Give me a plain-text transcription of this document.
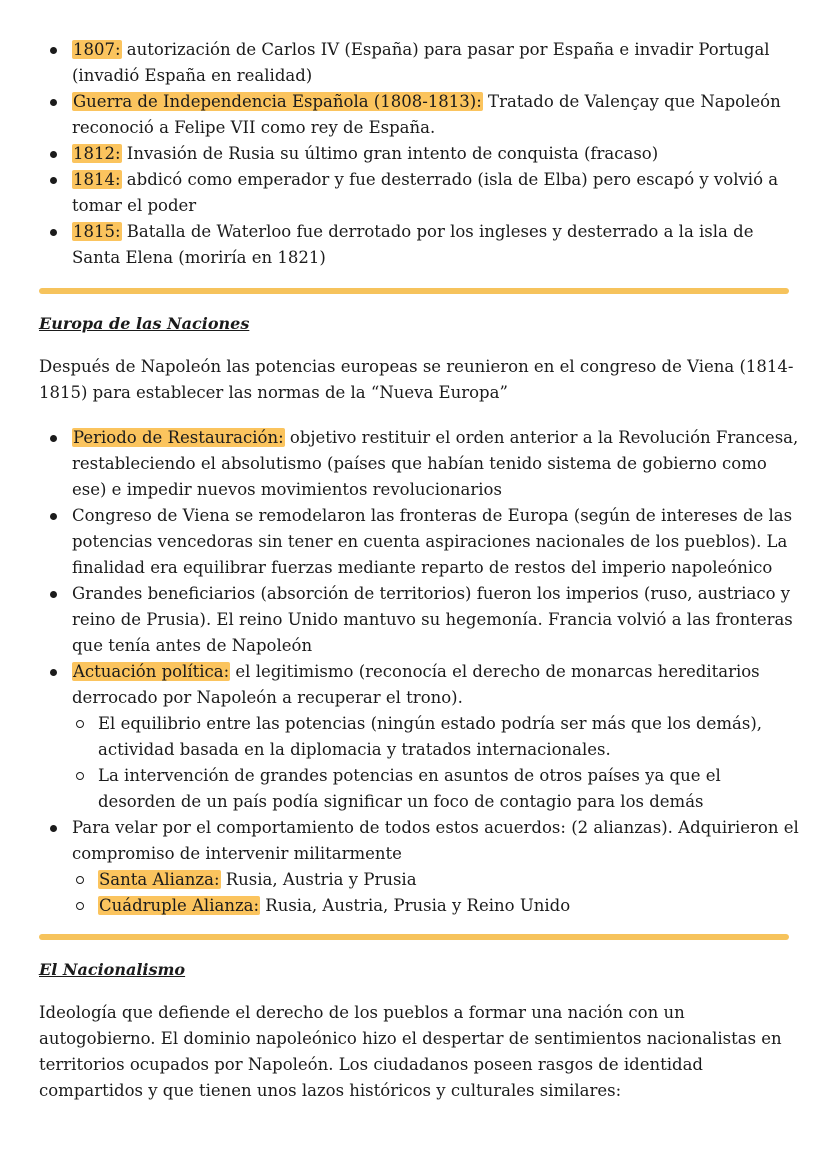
1807: autorización de Carlos IV (España) para pasar por España e invadir Portugal (invadió España en realidad)
Guerra de Independencia Española (1808-1813): Tratado de Valençay que Napoleón reconoció a Felipe VII como rey de España.
1812: Invasión de Rusia su último gran intento de conquista (fracaso)
1814: abdicó como emperador y fue desterrado (isla de Elba) pero escapó y volvió a tomar el poder
1815: Batalla de Waterloo fue derrotado por los ingleses y desterrado a la isla de Santa Elena (moriría en 1821)
Europa de las Naciones
Después de Napoleón las potencias europeas se reunieron en el congreso de Viena (1814-1815) para establecer las normas de la “Nueva Europa”
Periodo de Restauración: objetivo restituir el orden anterior a la Revolución Francesa, restableciendo el absolutismo (países que habían tenido sistema de gobierno como ese) e impedir nuevos movimientos revolucionarios
Congreso de Viena se remodelaron las fronteras de Europa (según de intereses de las potencias vencedoras sin tener en cuenta aspiraciones nacionales de los pueblos). La finalidad era equilibrar fuerzas mediante reparto de restos del imperio napoleónico
Grandes beneficiarios (absorción de territorios) fueron los imperios (ruso, austriaco y reino de Prusia). El reino Unido mantuvo su hegemonía. Francia volvió a las fronteras que tenía antes de Napoleón
Actuación política: el legitimismo (reconocía el derecho de monarcas hereditarios derrocado por Napoleón a recuperar el trono).
El equilibrio entre las potencias (ningún estado podría ser más que los demás), actividad basada en la diplomacia y tratados internacionales.
La intervención de grandes potencias en asuntos de otros países ya que el desorden de un país podía significar un foco de contagio para los demás
Para velar por el comportamiento de todos estos acuerdos: (2 alianzas). Adquirieron el compromiso de intervenir militarmente
Santa Alianza: Rusia, Austria y Prusia
Cuádruple Alianza: Rusia, Austria, Prusia y Reino Unido
El Nacionalismo
Ideología que defiende el derecho de los pueblos a formar una nación con un autogobierno. El dominio napoleónico hizo el despertar de sentimientos nacionalistas en territorios ocupados por Napoleón. Los ciudadanos poseen rasgos de identidad compartidos y que tienen unos lazos históricos y culturales similares:
